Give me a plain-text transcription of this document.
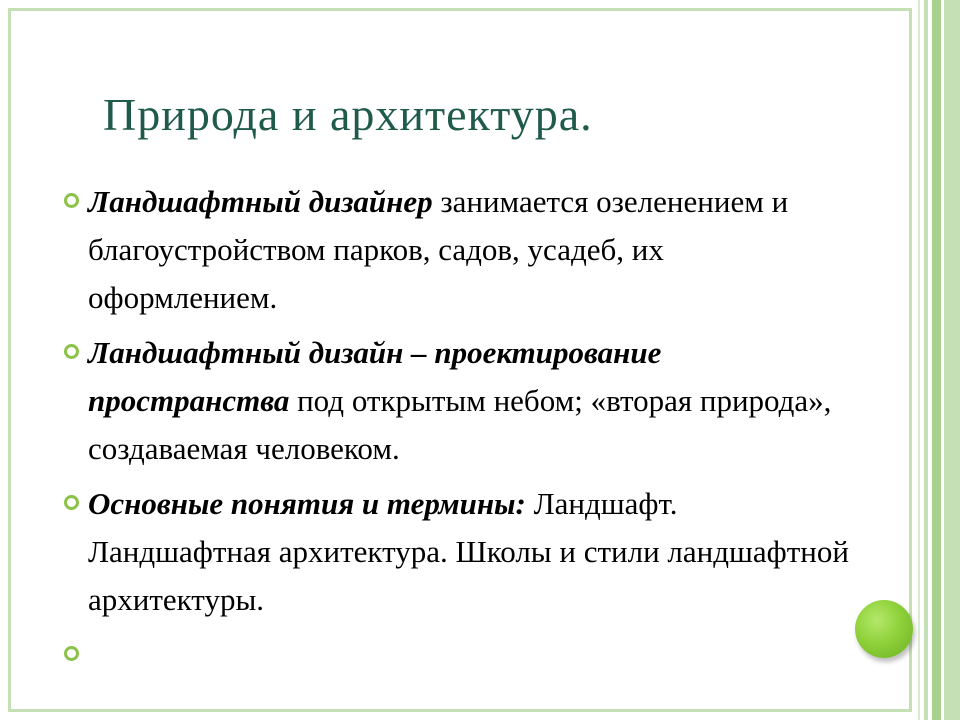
Природа и архитектура.
Ландшафтный дизайнер занимается озеленением и благоустройством парков, садов, усадеб, их оформлением.
Ландшафтный дизайн – проектирование пространства под открытым небом; «вторая природа», создаваемая человеком.
Основные понятия и термины: Ландшафт. Ландшафтная архитектура. Школы и стили ландшафтной архитектуры.
